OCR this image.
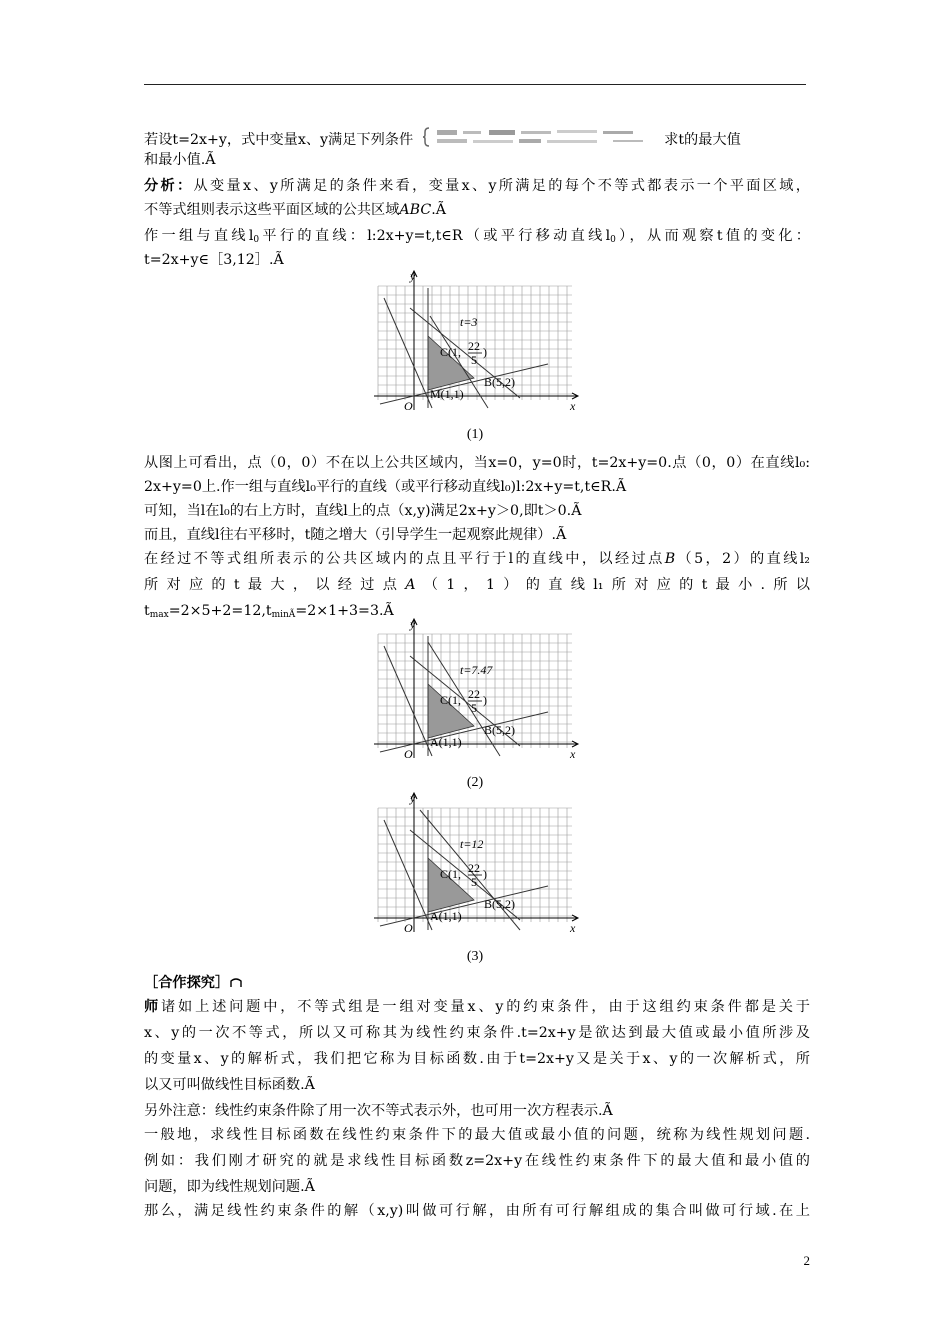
若设t=2x+y，式中变量x、y满足下列条件	求t的最大值
和最小值.Ã
分析：从变量x、y所满足的条件来看，变量x、y所满足的每个不等式都表示一个平面区域，
不等式组则表示这些平面区域的公共区域ABC.Ã
作一组与直线$l_0$平行的直线：l:2x+y=t,t∈R（或平行移动直线$l_0$），从而观察t值的变化：
t=2x+y∈［3,12］.Ã
y
x
O
t=3
C(1, 22
5
)
B(5,2)
M(1,1)
(1)
从图上可看出，点（0，0）不在以上公共区域内，当x=0，y=0时，t=2x+y=0.点（0，0）在直线l₀:
2x+y=0上.作一组与直线l₀平行的直线（或平行移动直线l₀)l:2x+y=t,t∈R.Ã
可知，当l在l₀的右上方时，直线l上的点（x,y)满足2x+y＞0,即t＞0.Ã
而且，直线l往右平移时，t随之增大（引导学生一起观察此规律）.Ã
在经过不等式组所表示的公共区域内的点且平行于l的直线中，以经过点B（5，2）的直线l₂
所对应的t最大，以经过点A（1，1）的直线l₁所对应的t最小.所以
$t_{max}=2\times 5+2=12,t_{minÃ}=2\times 1+3=3.Ã$
y
x
O
t=7.47
C(1, 22
5
)
B(5,2)
A(1,1)
(2)
y
x
O
t=12
C(1, 22
5
)
B(5,2)
A(1,1)
(3)
［合作探究］
师诸如上述问题中，不等式组是一组对变量x、y的约束条件，由于这组约束条件都是关于
x、y的一次不等式，所以又可称其为线性约束条件.t=2x+y是欲达到最大值或最小值所涉及
的变量x、y的解析式，我们把它称为目标函数.由于t=2x+y又是关于x、y的一次解析式，所
以又可叫做线性目标函数.Ã
另外注意：线性约束条件除了用一次不等式表示外，也可用一次方程表示.Ã
一般地，求线性目标函数在线性约束条件下的最大值或最小值的问题，统称为线性规划问题.
例如：我们刚才研究的就是求线性目标函数z=2x+y在线性约束条件下的最大值和最小值的
问题，即为线性规划问题.Ã
那么，满足线性约束条件的解（x,y)叫做可行解，由所有可行解组成的集合叫做可行域.在上
2
